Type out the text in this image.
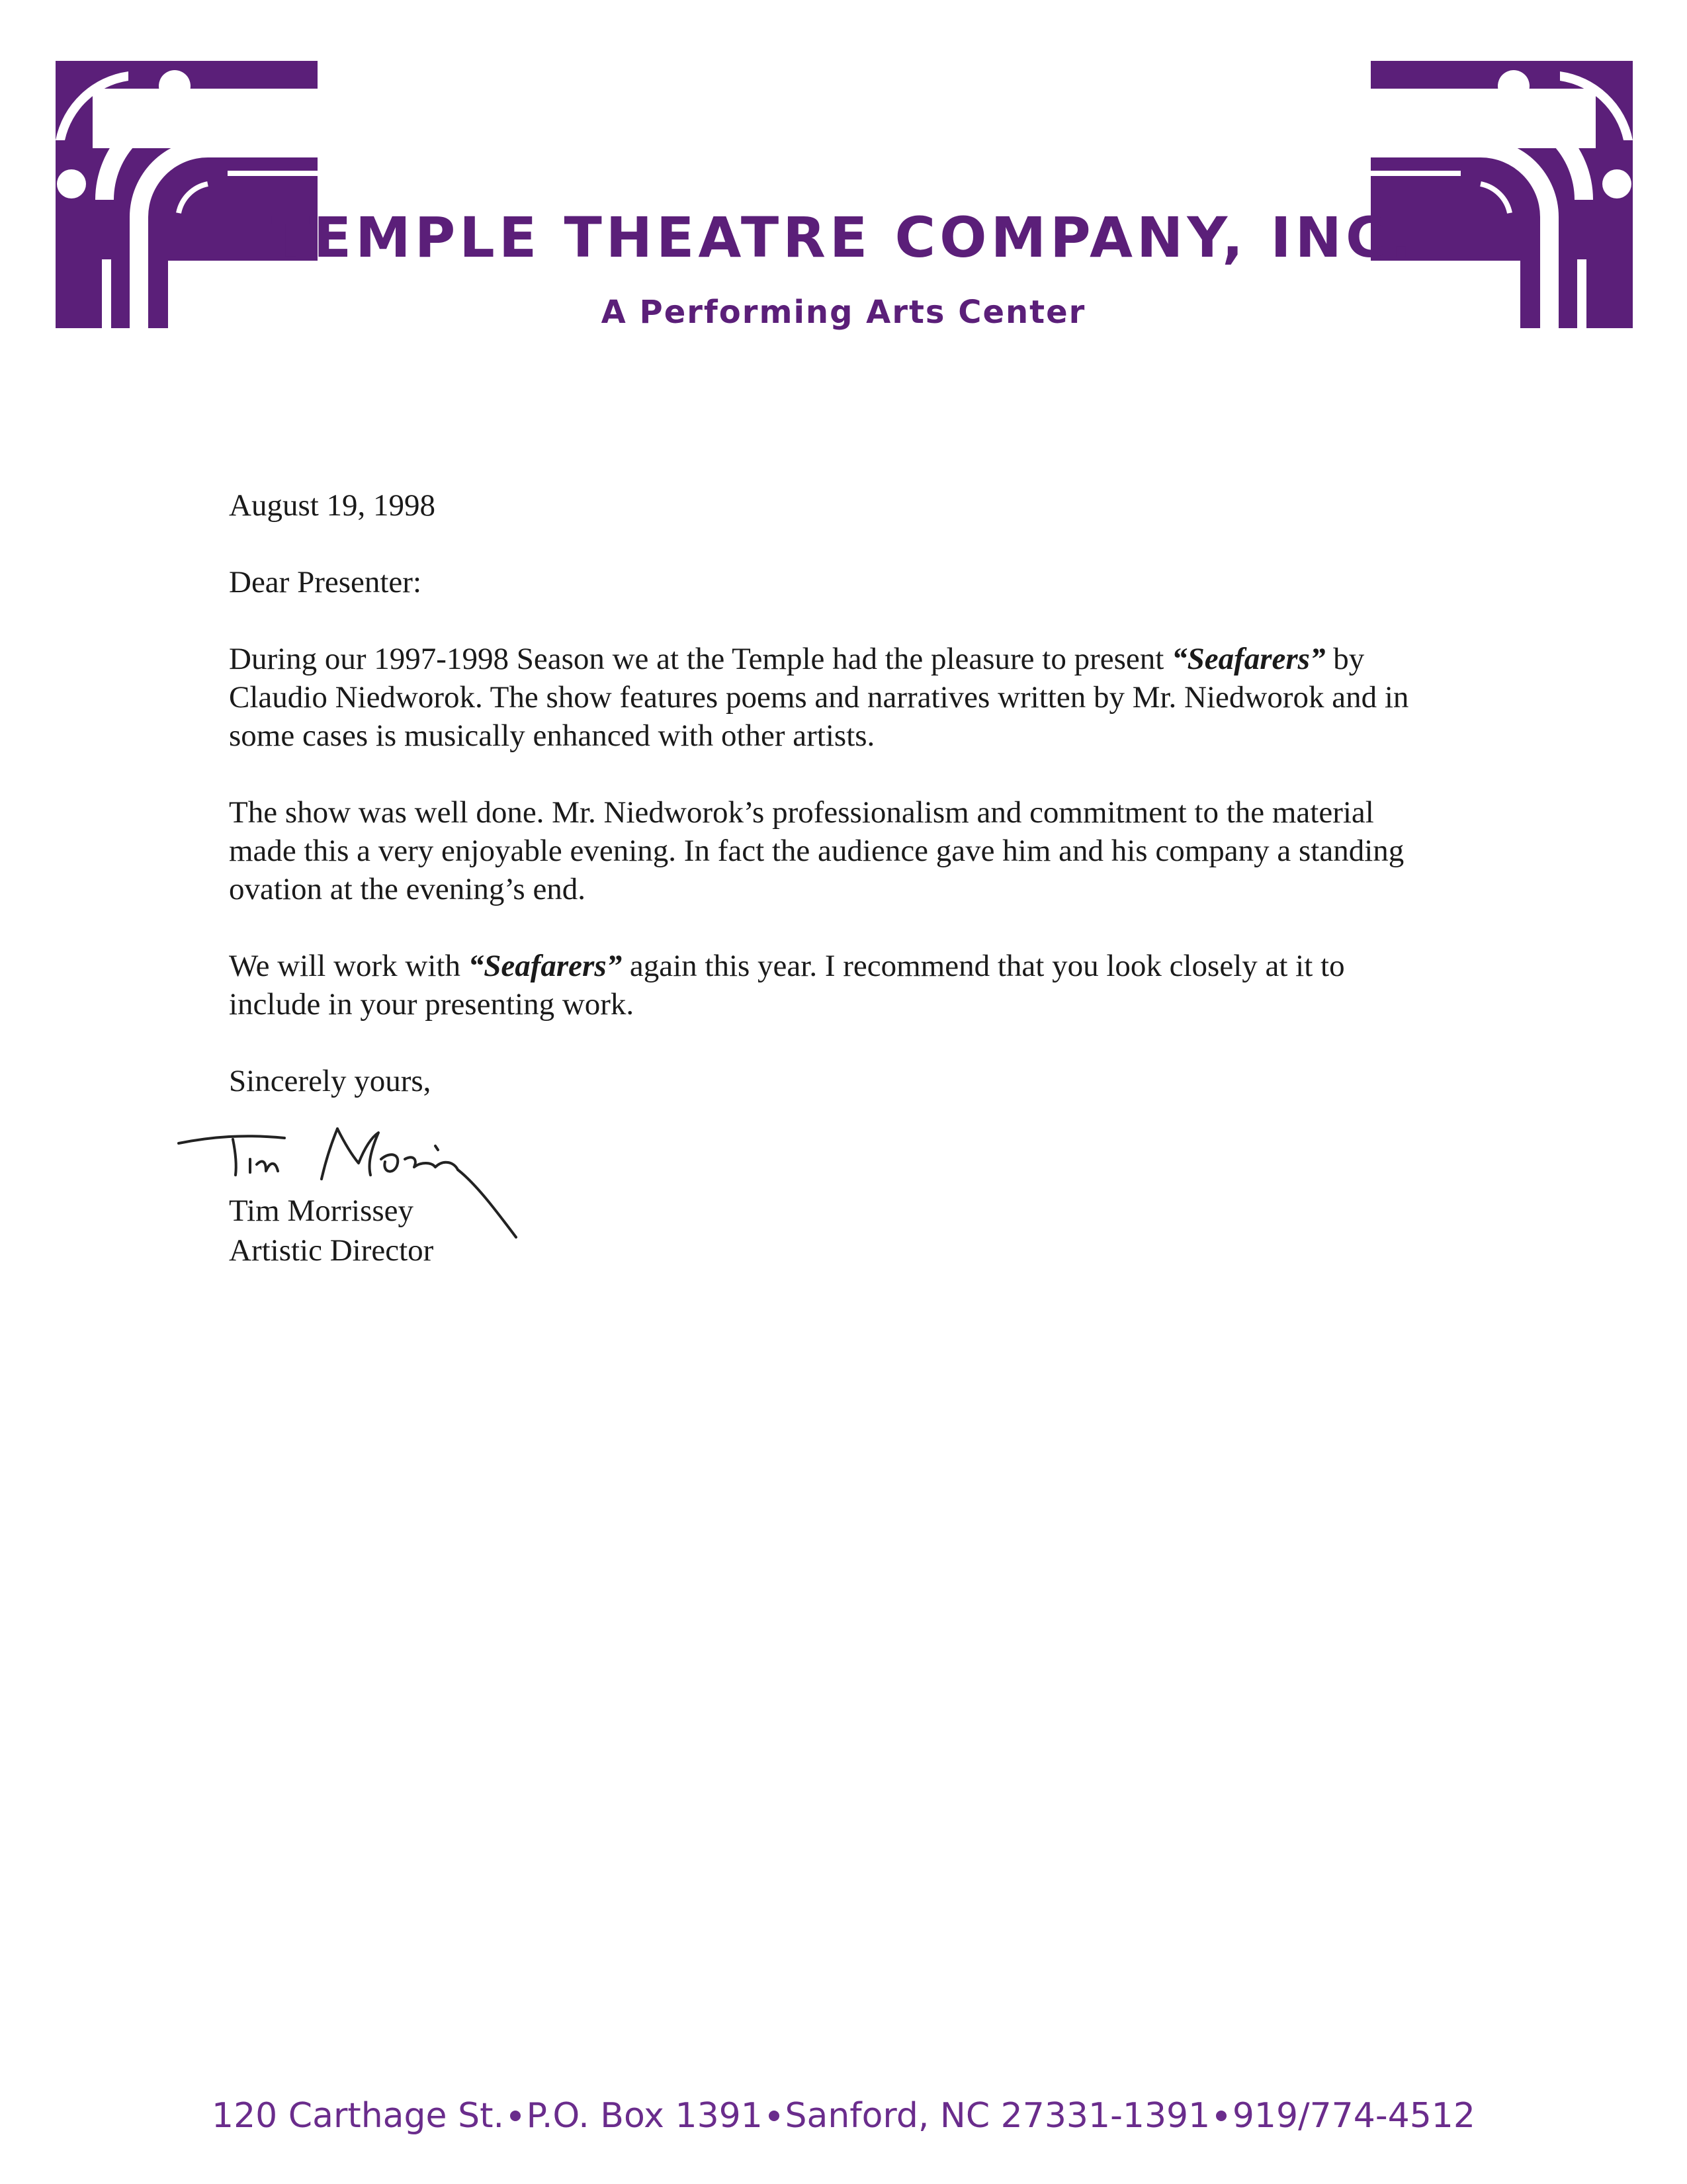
TEMPLE THEATRE COMPANY, INC.
A Performing Arts Center

August 19, 1998

Dear Presenter:

During our 1997-1998 Season we at the Temple had the pleasure to present “Seafarers” by Claudio Niedworok. The show features poems and narratives written by Mr. Niedworok and in some cases is musically enhanced with other artists.

The show was well done. Mr. Niedworok’s professionalism and commitment to the material made this a very enjoyable evening. In fact the audience gave him and his company a standing ovation at the evening’s end.

We will work with “Seafarers” again this year. I recommend that you look closely at it to include in your presenting work.

Sincerely yours,

Tim Morrissey
Artistic Director
120 Carthage St. P.O. Box 1391 Sanford, NC 27331-1391 919/774-4512
